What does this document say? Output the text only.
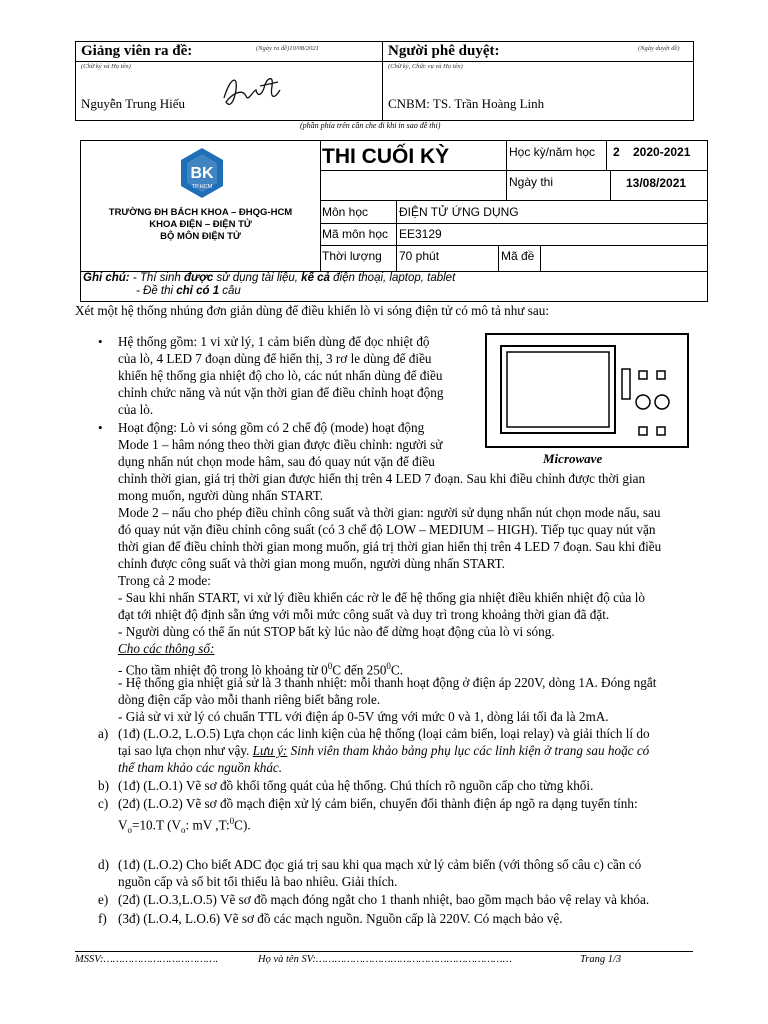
Giảng viên ra đề:	(Ngày ra đề)10/08/2021
(Chữ ký và Họ tên)
Nguyễn Trung Hiếu
Người phê duyệt:	(Ngày duyệt đề)
(Chữ ký, Chức vụ và Họ tên)
CNBM: TS. Trần Hoàng Linh
(phần phía trên cần che đi khi in sao đề thi)
BK
TP.HCM
TRƯỜNG ĐH BÁCH KHOA – ĐHQG-HCM
KHOA ĐIỆN – ĐIỆN TỬ
BỘ MÔN ĐIỆN TỬ
THI CUỐI KỲ	Học kỳ/năm học 2 2020-2021
Ngày thi	13/08/2021
Môn học	ĐIỆN TỬ ỨNG DỤNG
Mã môn học EE3129
Thời lượng 70 phút	Mã đề
Ghi chú: - Thí sinh được sử dụng tài liệu, kể cả điện thoại, laptop, tablet
- Đề thi chỉ có 1 câu
Xét một hệ thống nhúng đơn giản dùng để điều khiển lò vi sóng điện tử có mô tả như sau:
Microwave
• Hệ thống gồm: 1 vi xử lý, 1 cảm biến dùng để đọc nhiệt độ
của lò, 4 LED 7 đoạn dùng để hiển thị, 3 rơ le dùng để điều
khiển hệ thống gia nhiệt độ cho lò, các nút nhấn dùng để điều
chỉnh chức năng và nút vặn thời gian để điều chỉnh hoạt động
của lò.
• Hoạt động: Lò vi sóng gồm có 2 chế độ (mode) hoạt động
Mode 1 – hâm nóng theo thời gian được điều chỉnh: người sử
dụng nhấn nút chọn mode hâm, sau đó quay nút vặn để điều
chỉnh thời gian, giá trị thời gian được hiển thị trên 4 LED 7 đoạn. Sau khi điều chỉnh được thời gian
mong muốn, người dùng nhấn START.
Mode 2 – nấu cho phép điều chỉnh công suất và thời gian: người sử dụng nhấn nút chọn mode nấu, sau
đó quay nút vặn điều chỉnh công suất (có 3 chế độ LOW – MEDIUM – HIGH). Tiếp tục quay nút vặn
thời gian để điều chỉnh thời gian mong muốn, giá trị thời gian hiển thị trên 4 LED 7 đoạn. Sau khi điều
chỉnh được công suất và thời gian mong muốn, người dùng nhấn START.
Trong cả 2 mode:
- Sau khi nhấn START, vi xử lý điều khiển các rờ le để hệ thống gia nhiệt điều khiển nhiệt độ của lò
đạt tới nhiệt độ định sẵn ứng với mỗi mức công suất và duy trì trong khoảng thời gian đã đặt.
- Người dùng có thể ấn nút STOP bất kỳ lúc nào để dừng hoạt động của lò vi sóng.
Cho các thông số:
- Cho tầm nhiệt độ trong lò khoảng từ $0^0C$ đến $250^0C$.
- Hệ thống gia nhiệt giả sử là 3 thanh nhiệt: mỗi thanh hoạt động ở điện áp 220V, dòng 1A. Đóng ngắt
dòng điện cấp vào mỗi thanh riêng biết bằng role.
- Giả sử vi xử lý có chuẩn TTL với điện áp 0-5V ứng với mức 0 và 1, dòng lái tối đa là 2mA.
a) (1đ) (L.O.2, L.O.5) Lựa chọn các linh kiện của hệ thống (loại cảm biến, loại relay) và giải thích lí do
tại sao lựa chọn như vậy. Lưu ý: Sinh viên tham khảo bảng phụ lục các linh kiện ở trang sau hoặc có
thể tham khảo các nguồn khác.
b) (1đ) (L.O.1) Vẽ sơ đồ khối tổng quát của hệ thống. Chú thích rõ nguồn cấp cho từng khối.
c) (2đ) (L.O.2) Vẽ sơ đồ mạch điện xử lý cảm biến, chuyển đổi thành điện áp ngõ ra dạng tuyến tính:
$V_o=10.T$ ($V_o$: mV ,T:$^0$C).
d) (1đ) (L.O.2) Cho biết ADC đọc giá trị sau khi qua mạch xử lý cảm biến (với thông số câu c) cần có
nguồn cấp và số bit tối thiểu là bao nhiêu. Giải thích.
e) (2đ) (L.O.3,L.O.5) Vẽ sơ đồ mạch đóng ngắt cho 1 thanh nhiệt, bao gồm mạch bảo vệ relay và khóa.
f) (3đ) (L.O.4, L.O.6) Vẽ sơ đồ các mạch nguồn. Nguồn cấp là 220V. Có mạch bảo vệ.
MSSV:……………………………….	Họ và tên SV:………………………………………………………	Trang 1/3
